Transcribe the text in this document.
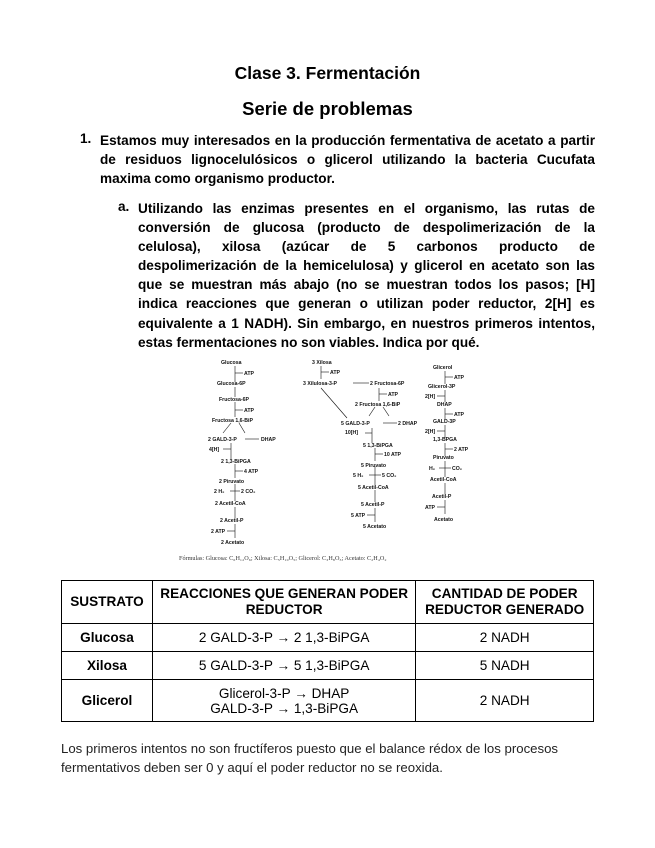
Clase 3. Fermentación
Serie de problemas
1. Estamos muy interesados en la producción fermentativa de acetato a partir de residuos lignocelulósicos o glicerol utilizando la bacteria Cucufata maxima como organismo productor.
a. Utilizando las enzimas presentes en el organismo, las rutas de conversión de glucosa (producto de despolimerización de la celulosa), xilosa (azúcar de 5 carbonos producto de despolimerización de la hemicelulosa) y glicerol en acetato son las que se muestran más abajo (no se muestran todos los pasos; [H] indica reacciones que generan o utilizan poder reductor, 2[H] es equivalente a 1 NADH). Sin embargo, en nuestros primeros intentos, estas fermentaciones no son viables. Indica por qué.
Glucosa
ATP
Glucosa-6P
Fructosa-6P
ATP
Fructosa 1,6-BiP
2 GALD-3-P	DHAP
4[H]
2 1,3-BiPGA
4 ATP
2 Piruvato
2 H₂	2 CO₂
2 Acetil-CoA
2 Acetil-P
2 ATP
2 Acetato
3 Xilosa
ATP
3 Xilulosa-3-P	2 Fructosa-6P
ATP
2 Fructosa 1,6-BiP
5 GALD-3-P	2 DHAP
10[H]
5 1,3-BiPGA
10 ATP
5 Piruvato
5 H₂	5 CO₂
5 Acetil-CoA
5 Acetil-P
5 ATP
5 Acetato
Glicerol
ATP
Glicerol-3P
2[H]
DHAP
ATP
GALD-3P
2[H]
1,3-BPGA
2 ATP
Piruvato
H₂	CO₂
Acetil-CoA
Acetil-P
ATP
Acetato
Fórmulas: Glucosa: C₆H₁₂O₆; Xilosa: C₅H₁₀O₅; Glicerol: C₃H₈O₃; Acetato: C₂H₄O₂
SUSTRATO	REACCIONES QUE GENERAN PODER REDUCTOR	CANTIDAD DE PODER REDUCTOR GENERADO
Glucosa	2 GALD-3-P → 2 1,3-BiPGA	2 NADH
Xilosa	5 GALD-3-P → 5 1,3-BiPGA	5 NADH
Glicerol	Glicerol-3-P → DHAP
GALD-3-P → 1,3-BiPGA	2 NADH
Los primeros intentos no son fructíferos puesto que el balance rédox de los procesos fermentativos deben ser 0 y aquí el poder reductor no se reoxida.
